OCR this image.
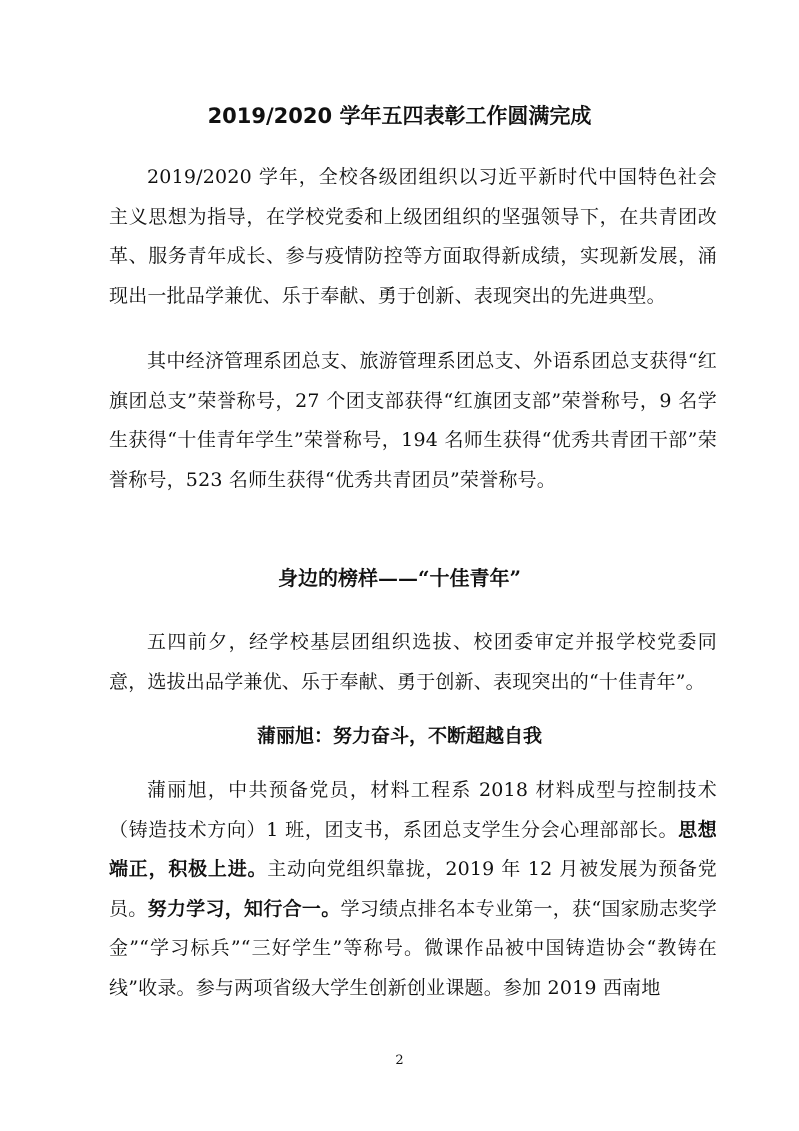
2019/2020 学年五四表彰工作圆满完成

2019/2020 学年，全校各级团组织以习近平新时代中国特色社会主义思想为指导，在学校党委和上级团组织的坚强领导下，在共青团改革、服务青年成长、参与疫情防控等方面取得新成绩，实现新发展，涌现出一批品学兼优、乐于奉献、勇于创新、表现突出的先进典型。

其中经济管理系团总支、旅游管理系团总支、外语系团总支获得“红旗团总支”荣誉称号，27 个团支部获得“红旗团支部”荣誉称号，9 名学生获得“十佳青年学生”荣誉称号，194 名师生获得“优秀共青团干部”荣誉称号，523 名师生获得“优秀共青团员”荣誉称号。

身边的榜样——“十佳青年”

五四前夕，经学校基层团组织选拔、校团委审定并报学校党委同意，选拔出品学兼优、乐于奉献、勇于创新、表现突出的“十佳青年”。

蒲丽旭：努力奋斗，不断超越自我

蒲丽旭，中共预备党员，材料工程系 2018 材料成型与控制技术（铸造技术方向）1 班，团支书，系团总支学生分会心理部部长。思想端正，积极上进。主动向党组织靠拢，2019 年 12 月被发展为预备党员。努力学习，知行合一。学习绩点排名本专业第一，获“国家励志奖学金”“学习标兵”“三好学生”等称号。微课作品被中国铸造协会“教铸在线”收录。参与两项省级大学生创新创业课题。参加 2019 西南地

2
